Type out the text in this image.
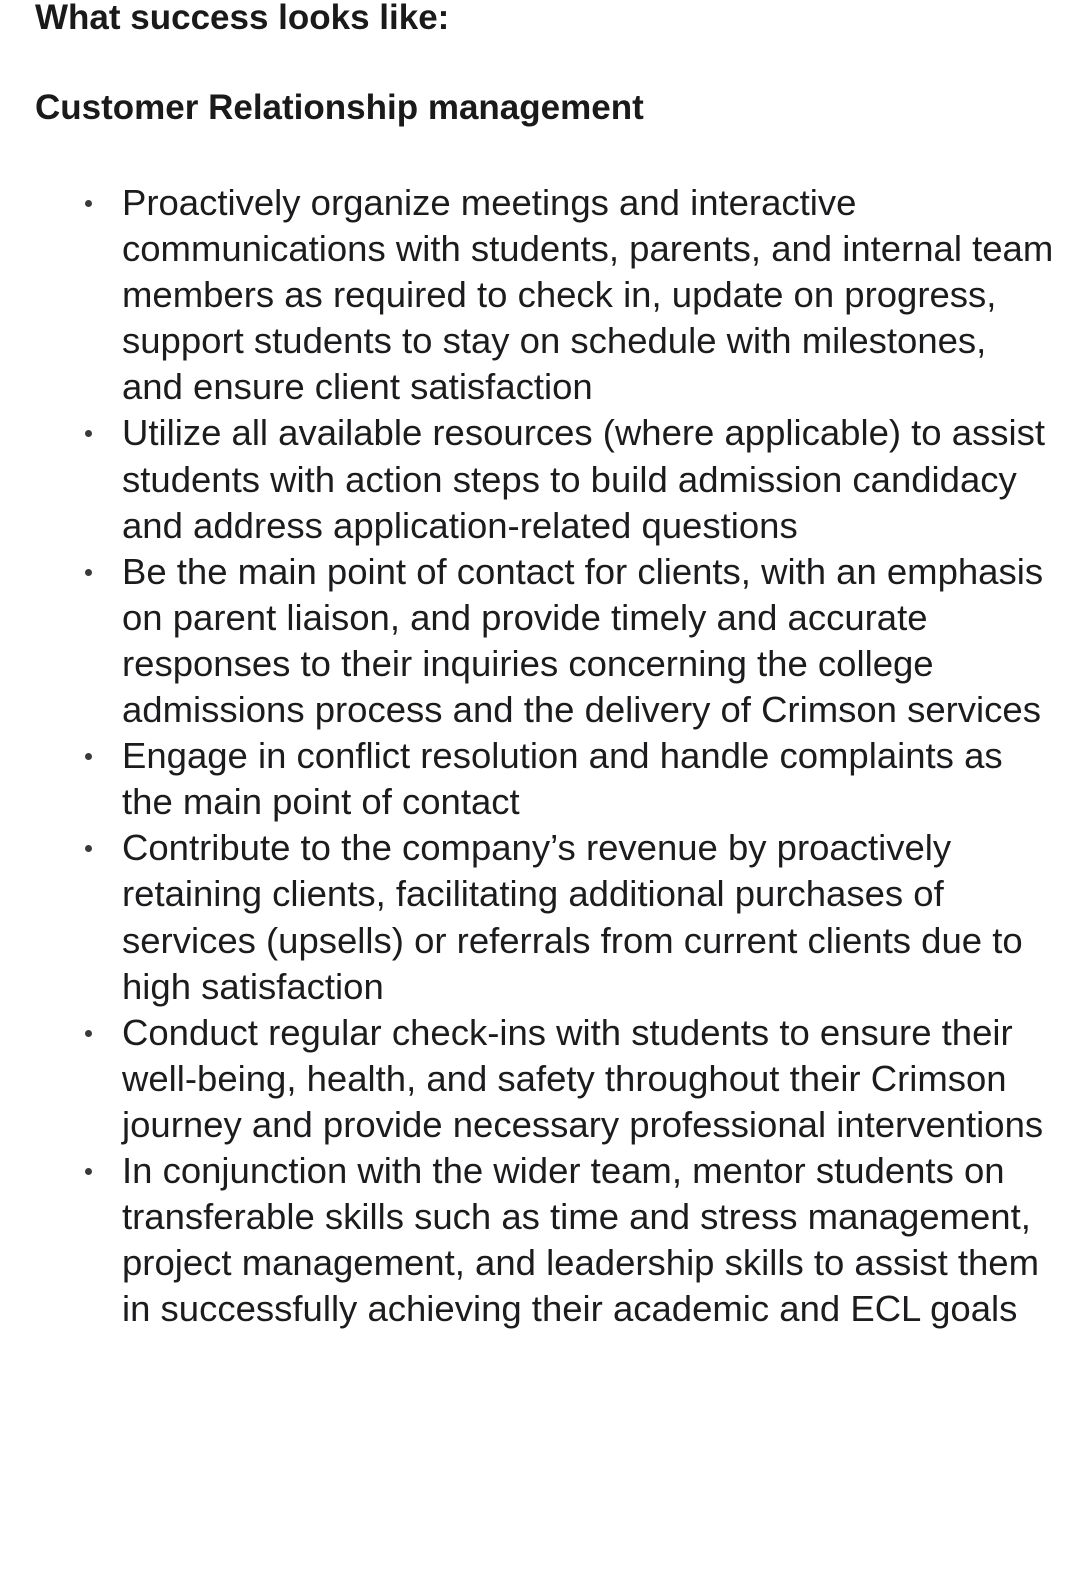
What success looks like:
Customer Relationship management
Proactively organize meetings and interactive communications with students, parents, and internal team members as required to check in, update on progress, support students to stay on schedule with milestones, and ensure client satisfaction
Utilize all available resources (where applicable) to assist students with action steps to build admission candidacy and address application-related questions
Be the main point of contact for clients, with an emphasis on parent liaison, and provide timely and accurate responses to their inquiries concerning the college admissions process and the delivery of Crimson services
Engage in conflict resolution and handle complaints as the main point of contact
Contribute to the company’s revenue by proactively retaining clients, facilitating additional purchases of services (upsells) or referrals from current clients due to high satisfaction
Conduct regular check-ins with students to ensure their well-being, health, and safety throughout their Crimson journey and provide necessary professional interventions
In conjunction with the wider team, mentor students on transferable skills such as time and stress management, project management, and leadership skills to assist them in successfully achieving their academic and ECL goals
